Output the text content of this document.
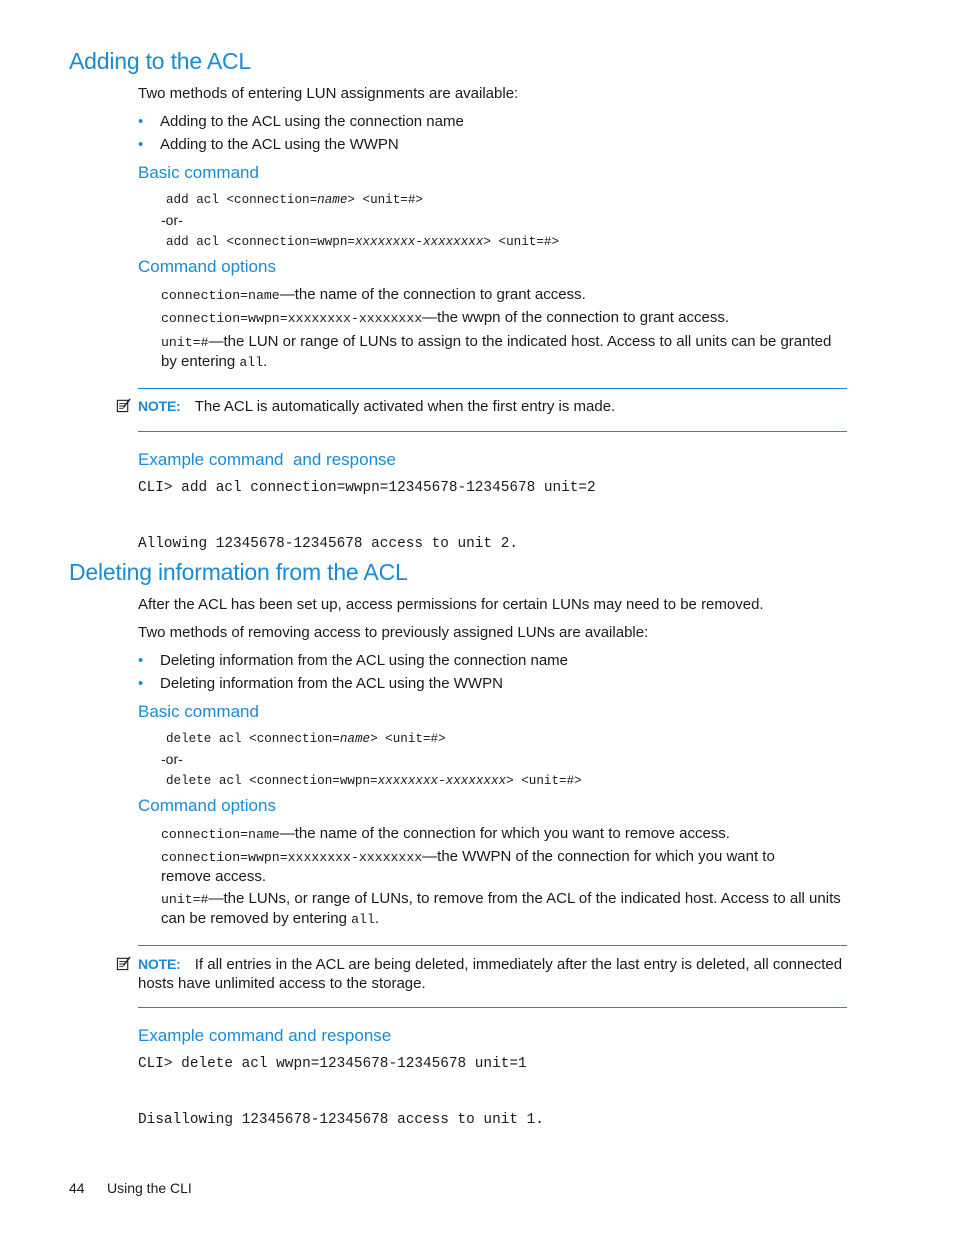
Adding to the ACL
Two methods of entering LUN assignments are available:
• Adding to the ACL using the connection name
• Adding to the ACL using the WWPN
Basic command
add acl <connection=name> <unit=#>
-or-
add acl <connection=wwpn=xxxxxxxx-xxxxxxxx> <unit=#>
Command options
connection=name—the name of the connection to grant access.
connection=wwpn=xxxxxxxx-xxxxxxxx—the wwpn of the connection to grant access.
unit=#—the LUN or range of LUNs to assign to the indicated host. Access to all units can be granted
by entering all.
NOTE: The ACL is automatically activated when the first entry is made.
Example command  and response
CLI> add acl connection=wwpn=12345678-12345678 unit=2
Allowing 12345678-12345678 access to unit 2.
Deleting information from the ACL
After the ACL has been set up, access permissions for certain LUNs may need to be removed.
Two methods of removing access to previously assigned LUNs are available:
• Deleting information from the ACL using the connection name
• Deleting information from the ACL using the WWPN
Basic command
delete acl <connection=name> <unit=#>
-or-
delete acl <connection=wwpn=xxxxxxxx-xxxxxxxx> <unit=#>
Command options
connection=name—the name of the connection for which you want to remove access.
connection=wwpn=xxxxxxxx-xxxxxxxx—the WWPN of the connection for which you want to
remove access.
unit=#—the LUNs, or range of LUNs, to remove from the ACL of the indicated host. Access to all units
can be removed by entering all.
NOTE: If all entries in the ACL are being deleted, immediately after the last entry is deleted, all connected
hosts have unlimited access to the storage.
Example command and response
CLI> delete acl wwpn=12345678-12345678 unit=1
Disallowing 12345678-12345678 access to unit 1.
44 Using the CLI
